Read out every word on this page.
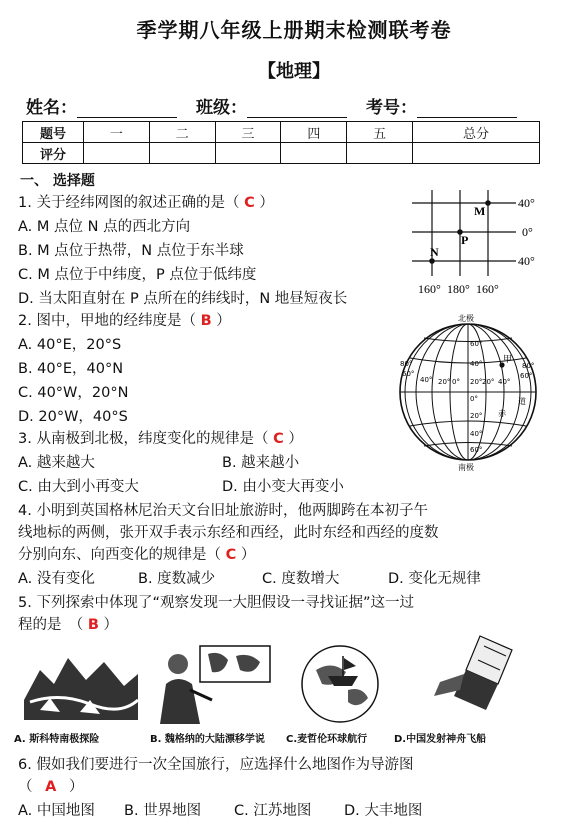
季学期八年级上册期末检测联考卷
【地理】
姓名：	班级：	考号：
题号	一	二	三	四	五	总分
评分						
一、 选择题
1. 关于经纬网图的叙述正确的是（ C ）
A. M 点位 N 点的西北方向
B. M 点位于热带，N 点位于东半球
C. M 点位于中纬度，P 点位于低纬度
D. 当太阳直射在 P 点所在的纬线时，N 地昼短夜长
M
P
N
40°
0°
40°
160° 180° 160°
2. 图中，甲地的经纬度是（ B ）
A. 40°E，20°S
B. 40°E，40°N
C. 40°W，20°N
D. 20°W，40°S
甲
北极
南极
道
赤
60°
40°
20°
0°
20°
40°
60°
80°
60°
40° 20° 0°	20° 40°
60°
80°
3. 从南极到北极，纬度变化的规律是（ C ）
A. 越来越大	B. 越来越小
C. 由大到小再变大	D. 由小变大再变小
4. 小明到英国格林尼治天文台旧址旅游时，他两脚跨在本初子午
线地标的两侧，张开双手表示东经和西经，此时东经和西经的度数
分别向东、向西变化的规律是（ C ）
A. 没有变化	B. 度数减少	C. 度数增大	D. 变化无规律
5. 下列探索中体现了“观察发现一大胆假设一寻找证据”这一过
程的是　（ B ）
A. 斯科特南极探险	B. 魏格纳的大陆漂移学说 C.麦哲伦环球航行	D.中国发射神舟飞船
6. 假如我们要进行一次全国旅行，应选择什么地图作为导游图
（ A ）
A. 中国地图 B. 世界地图 C. 江苏地图 D. 大丰地图
